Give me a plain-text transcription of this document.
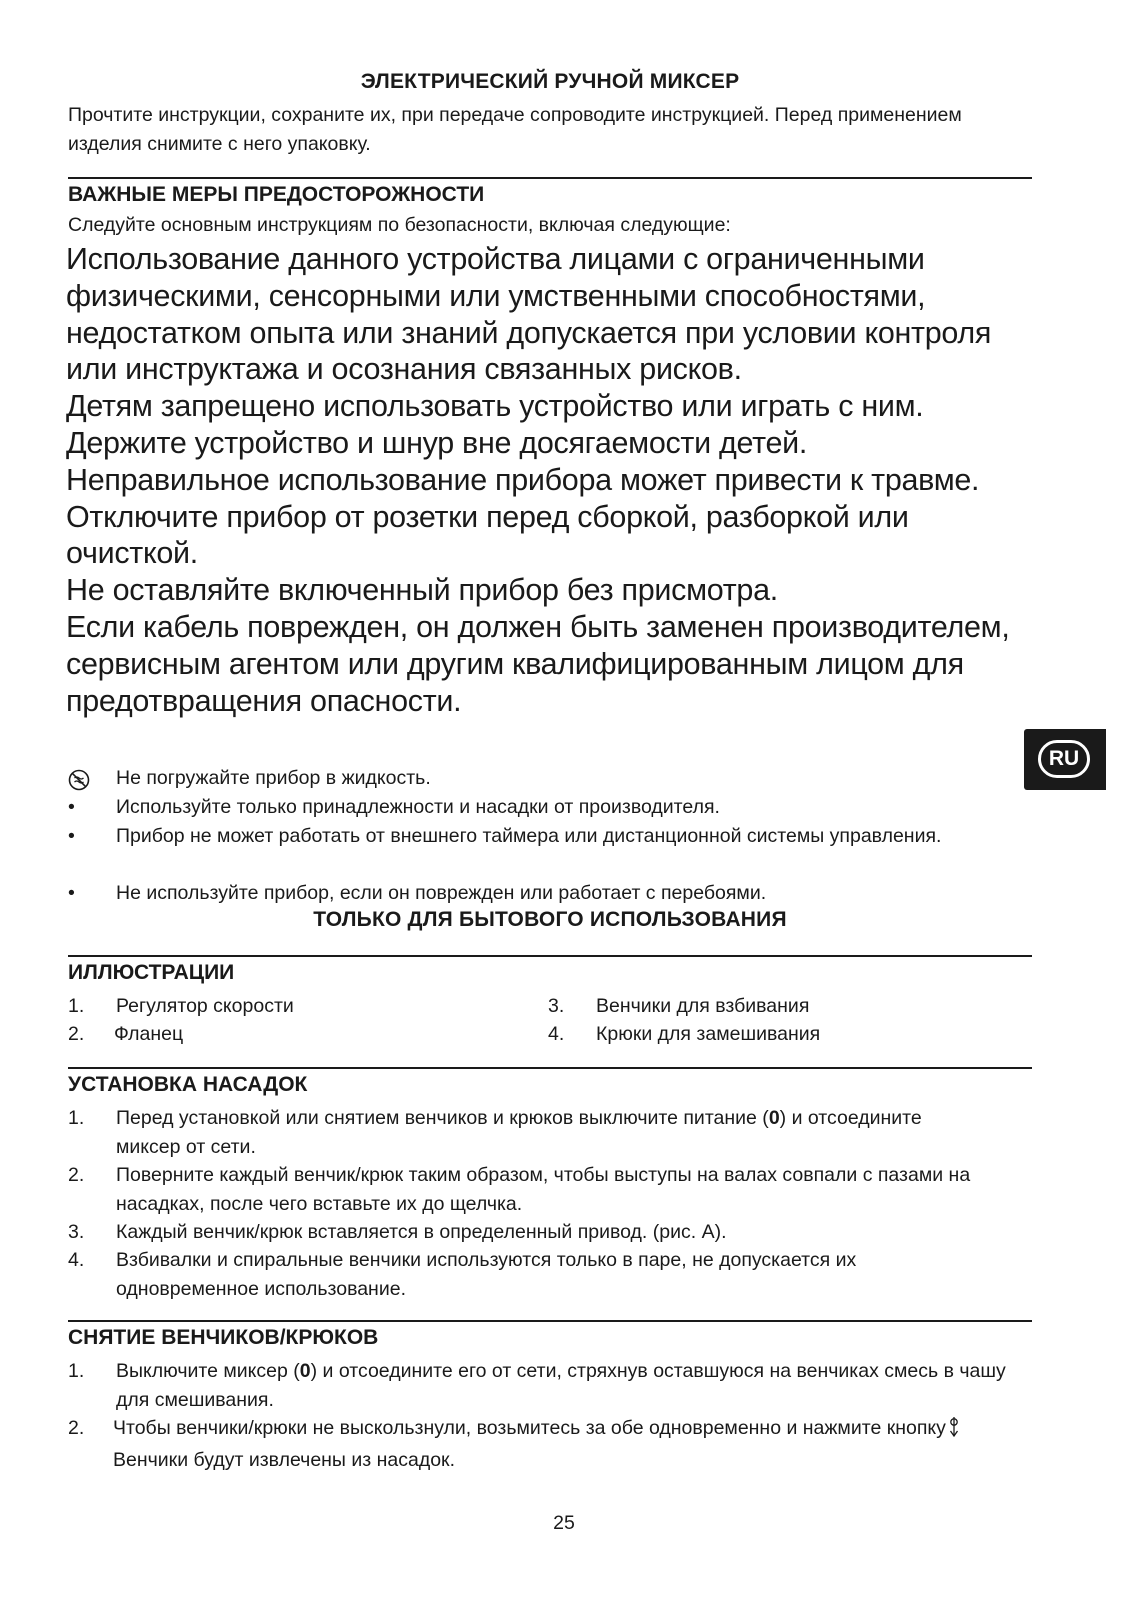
ЭЛЕКТРИЧЕСКИЙ РУЧНОЙ МИКСЕР
Прочтите инструкции, сохраните их, при передаче сопроводите инструкцией. Перед применением изделия снимите с него упаковку.
ВАЖНЫЕ МЕРЫ ПРЕДОСТОРОЖНОСТИ
Следуйте основным инструкциям по безопасности, включая следующие:

Использование данного устройства лицами с ограниченными физическими, сенсорными или умственными способностями, недостатком опыта или знаний допускается при условии контроля или инструктажа и осознания связанных рисков.

Детям запрещено использовать устройство или играть с ним.

Держите устройство и шнур вне досягаемости детей.

Неправильное использование прибора может привести к травме.

Отключите прибор от розетки перед сборкой, разборкой или очисткой.

Не оставляйте включенный прибор без присмотра.

Если кабель поврежден, он должен быть заменен производителем, сервисным агентом или другим квалифицированным лицом для предотвращения опасности.

Не погружайте прибор в жидкость.
•	Используйте только принадлежности и насадки от производителя.
•	Прибор не может работать от внешнего таймера или дистанционной системы управления.
•	Не используйте прибор, если он поврежден или работает с перебоями.
ТОЛЬКО ДЛЯ БЫТОВОГО ИСПОЛЬЗОВАНИЯ
ИЛЛЮСТРАЦИИ
1. Регулятор скорости
2. Фланец
3. Венчики для взбивания
4. Крюки для замешивания
УСТАНОВКА НАСАДОК
1. Перед установкой или снятием венчиков и крюков выключите питание (0) и отсоедините миксер от сети.
2. Поверните каждый венчик/крюк таким образом, чтобы выступы на валах совпали с пазами на насадках, после чего вставьте их до щелчка.
3. Каждый венчик/крюк вставляется в определенный привод. (рис. A).
4. Взбивалки и спиральные венчики используются только в паре, не допускается их одновременное использование.
СНЯТИЕ ВЕНЧИКОВ/КРЮКОВ
1. Выключите миксер (0) и отсоедините его от сети, стряхнув оставшуюся на венчиках смесь в чашу для смешивания.
2. Чтобы венчики/крюки не выскользнули, возьмитесь за обе одновременно и нажмите кнопкуВенчики будут извлечены из насадок.
RU
25
